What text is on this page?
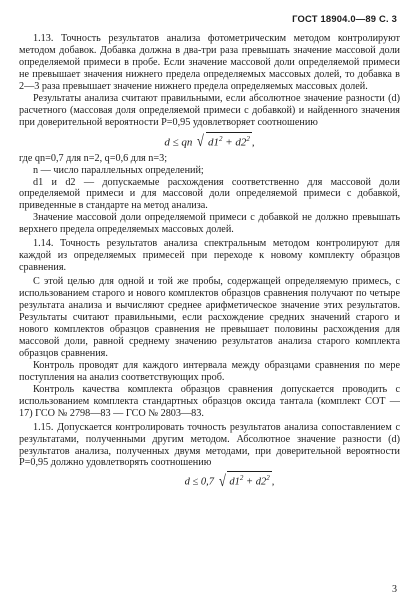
ГОСТ 18904.0—89 С. 3

1.13. Точность результатов анализа фотометрическим методом контролируют методом добавок. Добавка должна в два-три раза превышать значение массовой доли определяемой примеси в пробе. Если значение массовой доли определяемой примеси не превышает значения нижнего предела определяемых массовых долей, то добавка в 2—3 раза превышает значение нижнего предела определяемых массовых долей.

Результаты анализа считают правильными, если абсолютное значение разности (d) расчетного (массовая доля определяемой примеси с добавкой) и найденного значения при доверительной вероятности P=0,95 удовлетворяет соотношению

d ≤ qn √ $d1^2 + d2^2$ ,

где qn=0,7 для n=2, q=0,6 для n=3;

n — число параллельных определений;

d1 и d2 — допускаемые расхождения соответственно для массовой доли определяемой примеси и для массовой доли определяемой примеси с добавкой, приведенные в стандарте на метод анализа.

Значение массовой доли определяемой примеси с добавкой не должно превышать верхнего предела определяемых массовых долей.

1.14. Точность результатов анализа спектральным методом контролируют для каждой из определяемых примесей при переходе к новому комплекту образцов сравнения.

С этой целью для одной и той же пробы, содержащей определяемую примесь, с использованием старого и нового комплектов образцов сравнения получают по четыре результата анализа и вычисляют среднее арифметическое значение этих результатов. Результаты считают правильными, если расхождение средних значений старого и нового комплектов образцов сравнения не превышает половины расхождения для массовой доли, равной среднему значению результатов анализа старого комплекта образцов сравнения.

Контроль проводят для каждого интервала между образцами сравнения по мере поступления на анализ соответствующих проб.

Контроль качества комплекта образцов сравнения допускается проводить с использованием комплекта стандартных образцов оксида тантала (комплект СОТ — 17) ГСО № 2798—83 — ГСО № 2803—83.

1.15. Допускается контролировать точность результатов анализа сопоставлением с результатами, полученными другим методом. Абсолютное значение разности (d) результатов анализа, полученных двумя методами, при доверительной вероятности P=0,95 должно удовлетворять соотношению

d ≤ 0,7 √ $d1^2 + d2^2$ ,
3
